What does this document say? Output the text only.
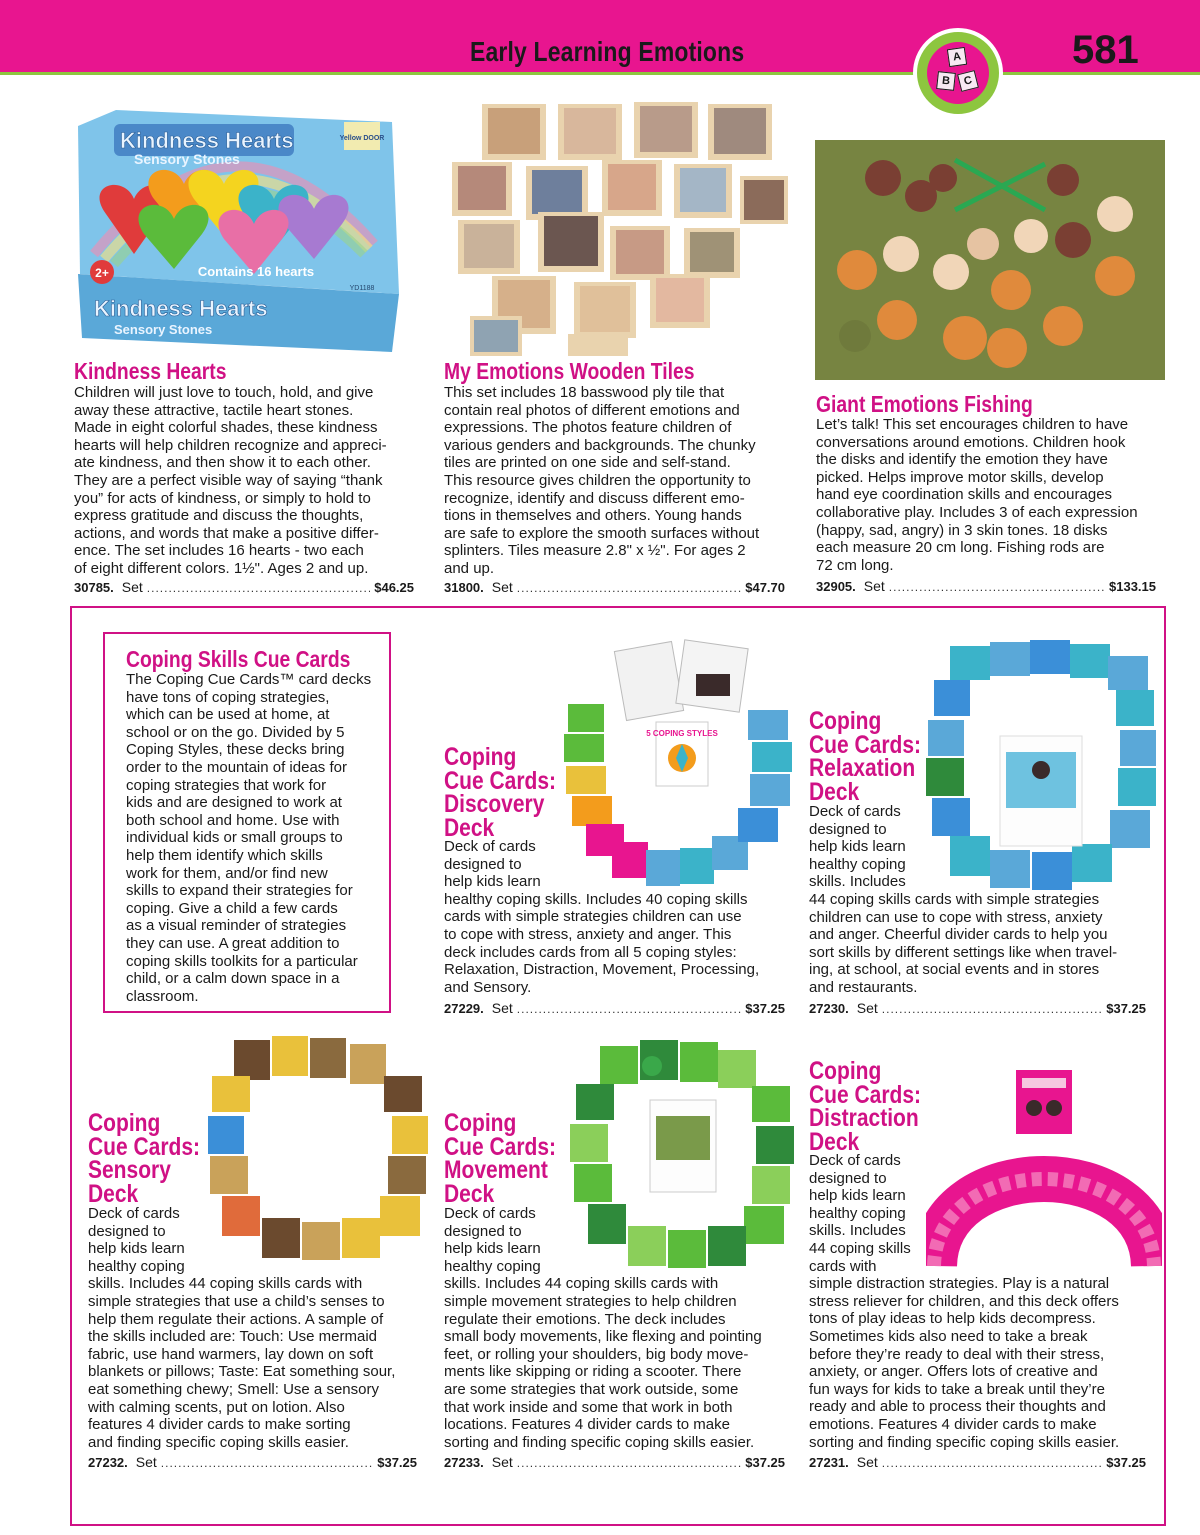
Early Learning Emotions	581
A
B	C
Kindness Hearts
Sensory Stones
Yellow DOOR
2+	Contains 16 hearts
Kindness Hearts
Sensory Stones
YD1188
Kindness Hearts
Children will just love to touch, hold, and give
away these attractive, tactile heart stones.
Made in eight colorful shades, these kindness
hearts will help children recognize and appreci-
ate kindness, and then show it to each other.
They are a perfect visible way of saying “thank
you” for acts of kindness, or simply to hold to
express gratitude and discuss the thoughts,
actions, and words that make a positive differ-
ence. The set includes 16 hearts - two each
of eight different colors. 1½". Ages 2 and up.
30785. Set .....	$46.25
My Emotions Wooden Tiles
This set includes 18 basswood ply tile that
contain real photos of different emotions and
expressions. The photos feature children of
various genders and backgrounds. The chunky
tiles are printed on one side and self-stand.
This resource gives children the opportunity to
recognize, identify and discuss different emo-
tions in themselves and others. Young hands
are safe to explore the smooth surfaces without
splinters. Tiles measure 2.8" x ½". For ages 2
and up.
31800. Set .....	$47.70
Giant Emotions Fishing
Let’s talk! This set encourages children to have
conversations around emotions. Children hook
the disks and identify the emotion they have
picked. Helps improve motor skills, develop
hand eye coordination skills and encourages
collaborative play. Includes 3 of each expression
(happy, sad, angry) in 3 skin tones. 18 disks
each measure 20 cm long. Fishing rods are
72 cm long.
32905. Set .....	$133.15
Coping Skills Cue Cards
The Coping Cue Cards™ card decks
have tons of coping strategies,
which can be used at home, at
school or on the go. Divided by 5
Coping Styles, these decks bring
order to the mountain of ideas for
coping strategies that work for
kids and are designed to work at
both school and home. Use with
individual kids or small groups to
help them identify which skills
work for them, and/or find new
skills to expand their strategies for
coping. Give a child a few cards
as a visual reminder of strategies
they can use. A great addition to
coping skills toolkits for a particular
child, or a calm down space in a
classroom.
5 COPING STYLES
Coping
Cue Cards:
Discovery
Deck
Deck of cards
designed to
help kids learn
healthy coping skills. Includes 40 coping skills
cards with simple strategies children can use
to cope with stress, anxiety and anger. This
deck includes cards from all 5 coping styles:
Relaxation, Distraction, Movement, Processing,
and Sensory.
27229. Set .....	$37.25
Coping
Cue Cards:
Relaxation
Deck
Deck of cards
designed to
help kids learn
healthy coping
skills. Includes
44 coping skills cards with simple strategies
children can use to cope with stress, anxiety
and anger. Cheerful divider cards to help you
sort skills by different settings like when travel-
ing, at school, at social events and in stores
and restaurants.
27230. Set .....	$37.25
Coping
Cue Cards:
Sensory
Deck
Deck of cards
designed to
help kids learn
healthy coping
skills. Includes 44 coping skills cards with
simple strategies that use a child’s senses to
help them regulate their actions. A sample of
the skills included are: Touch: Use mermaid
fabric, use hand warmers, lay down on soft
blankets or pillows; Taste: Eat something sour,
eat something chewy; Smell: Use a sensory
with calming scents, put on lotion. Also
features 4 divider cards to make sorting
and finding specific coping skills easier.
27232. Set .....	$37.25
Coping
Cue Cards:
Movement
Deck
Deck of cards
designed to
help kids learn
healthy coping
skills. Includes 44 coping skills cards with
simple movement strategies to help children
regulate their emotions. The deck includes
small body movements, like flexing and pointing
feet, or rolling your shoulders, big body move-
ments like skipping or riding a scooter. There
are some strategies that work outside, some
that work inside and some that work in both
locations. Features 4 divider cards to make
sorting and finding specific coping skills easier.
27233. Set .....	$37.25
Coping
Cue Cards:
Distraction
Deck
Deck of cards
designed to
help kids learn
healthy coping
skills. Includes
44 coping skills
cards with
simple distraction strategies. Play is a natural
stress reliever for children, and this deck offers
tons of play ideas to help kids decompress.
Sometimes kids also need to take a break
before they’re ready to deal with their stress,
anxiety, or anger. Offers lots of creative and
fun ways for kids to take a break until they’re
ready and able to process their thoughts and
emotions. Features 4 divider cards to make
sorting and finding specific coping skills easier.
27231. Set .....	$37.25
